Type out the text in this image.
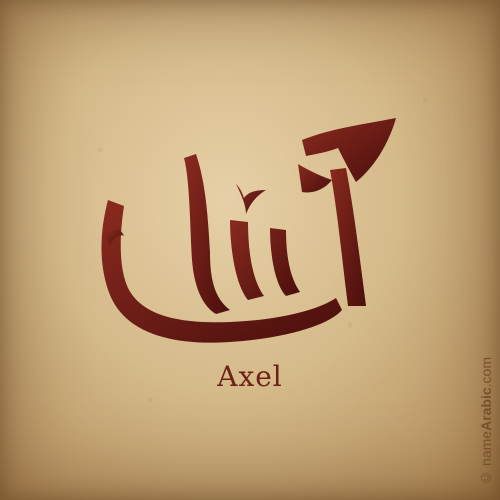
Axel
© nameArabic.com
